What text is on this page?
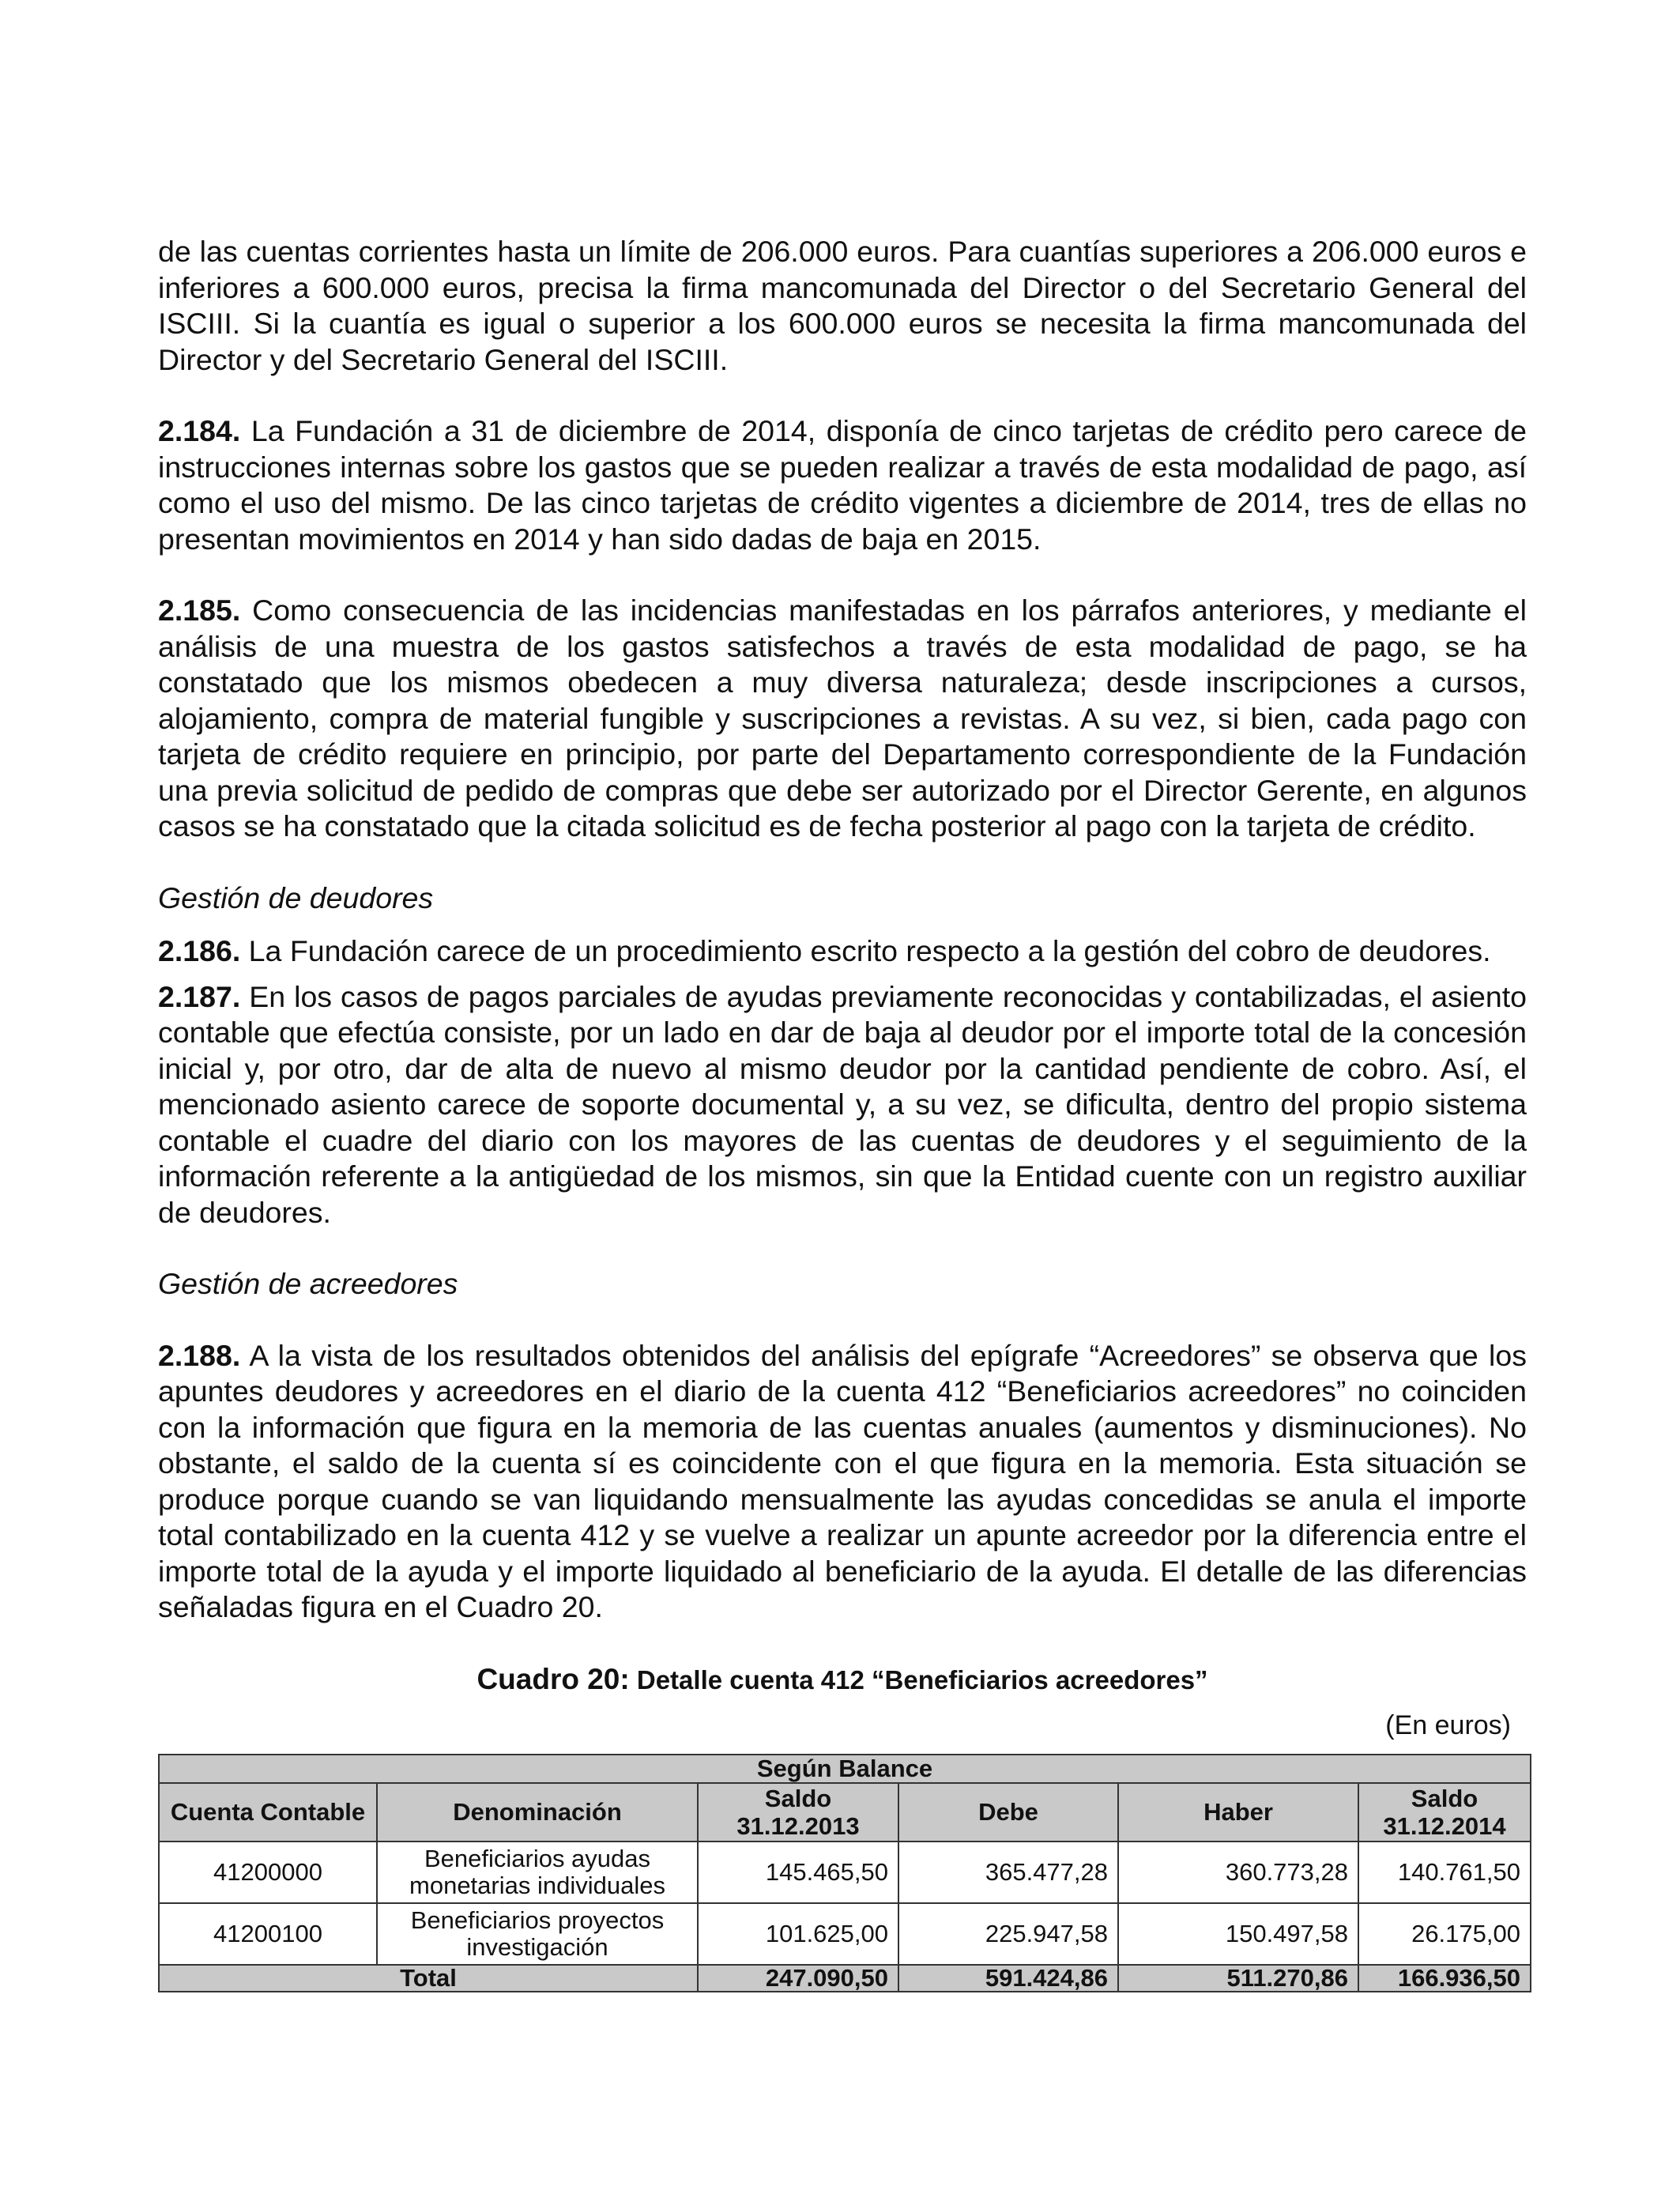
de las cuentas corrientes hasta un límite de 206.000 euros. Para cuantías superiores a 206.000 euros e inferiores a 600.000 euros, precisa la firma mancomunada del Director o del Secretario General del ISCIII. Si la cuantía es igual o superior a los 600.000 euros se necesita la firma mancomunada del Director y del Secretario General del ISCIII.

2.184. La Fundación a 31 de diciembre de 2014, disponía de cinco tarjetas de crédito pero carece de instrucciones internas sobre los gastos que se pueden realizar a través de esta modalidad de pago, así como el uso del mismo. De las cinco tarjetas de crédito vigentes a diciembre de 2014, tres de ellas no presentan movimientos en 2014 y han sido dadas de baja en 2015.

2.185. Como consecuencia de las incidencias manifestadas en los párrafos anteriores, y mediante el análisis de una muestra de los gastos satisfechos a través de esta modalidad de pago, se ha constatado que los mismos obedecen a muy diversa naturaleza; desde inscripciones a cursos, alojamiento, compra de material fungible y suscripciones a revistas. A su vez, si bien, cada pago con tarjeta de crédito requiere en principio, por parte del Departamento correspondiente de la Fundación una previa solicitud de pedido de compras que debe ser autorizado por el Director Gerente, en algunos casos se ha constatado que la citada solicitud es de fecha posterior al pago con la tarjeta de crédito.

Gestión de deudores

2.186. La Fundación carece de un procedimiento escrito respecto a la gestión del cobro de deudores.

2.187. En los casos de pagos parciales de ayudas previamente reconocidas y contabilizadas, el asiento contable que efectúa consiste, por un lado en dar de baja al deudor por el importe total de la concesión inicial y, por otro, dar de alta de nuevo al mismo deudor por la cantidad pendiente de cobro. Así, el mencionado asiento carece de soporte documental y, a su vez, se dificulta, dentro del propio sistema contable el cuadre del diario con los mayores de las cuentas de deudores y el seguimiento de la información referente a la antigüedad de los mismos, sin que la Entidad cuente con un registro auxiliar de deudores.

Gestión de acreedores

2.188. A la vista de los resultados obtenidos del análisis del epígrafe “Acreedores” se observa que los apuntes deudores y acreedores en el diario de la cuenta 412 “Beneficiarios acreedores” no coinciden con la información que figura en la memoria de las cuentas anuales (aumentos y disminuciones). No obstante, el saldo de la cuenta sí es coincidente con el que figura en la memoria. Esta situación se produce porque cuando se van liquidando mensualmente las ayudas concedidas se anula el importe total contabilizado en la cuenta 412 y se vuelve a realizar un apunte acreedor por la diferencia entre el importe total de la ayuda y el importe liquidado al beneficiario de la ayuda. El detalle de las diferencias señaladas figura en el Cuadro 20.

Cuadro 20: Detalle cuenta 412 “Beneficiarios acreedores”

(En euros)

Según Balance					
Cuenta Contable	Denominación	Saldo 31.12.2013	Debe	Haber	Saldo 31.12.2014
41200000	Beneficiarios ayudas monetarias individuales	145.465,50	365.477,28	360.773,28	140.761,50
41200100	Beneficiarios proyectos investigación	101.625,00	225.947,58	150.497,58	26.175,00
Total		247.090,50	591.424,86	511.270,86	166.936,50
